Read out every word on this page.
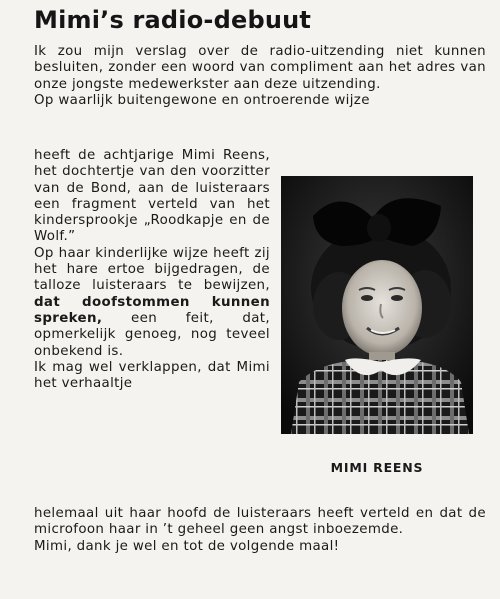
Mimi’s radio-debuut

Ik zou mijn verslag over de radio-uitzending niet kunnen besluiten, zonder een woord van compliment aan het adres van onze jongste medewerkster aan deze uitzending.

Op waarlijk buitengewone en ontroerende wijze

heeft de achtjarige Mimi Reens, het dochtertje van den voorzitter van de Bond, aan de luisteraars een fragment verteld van het kindersprookje „Roodkapje en de Wolf.”

Op haar kinderlijke wijze heeft zij het hare ertoe bijgedragen, de talloze luisteraars te bewijzen, dat doofstommen kunnen spreken, een feit, dat, opmerkelijk genoeg, nog teveel onbekend is.

Ik mag wel verklappen, dat Mimi het verhaaltje

MIMI REENS

helemaal uit haar hoofd de luisteraars heeft verteld en dat de microfoon haar in ’t geheel geen angst inboezemde.

Mimi, dank je wel en tot de volgende maal!
